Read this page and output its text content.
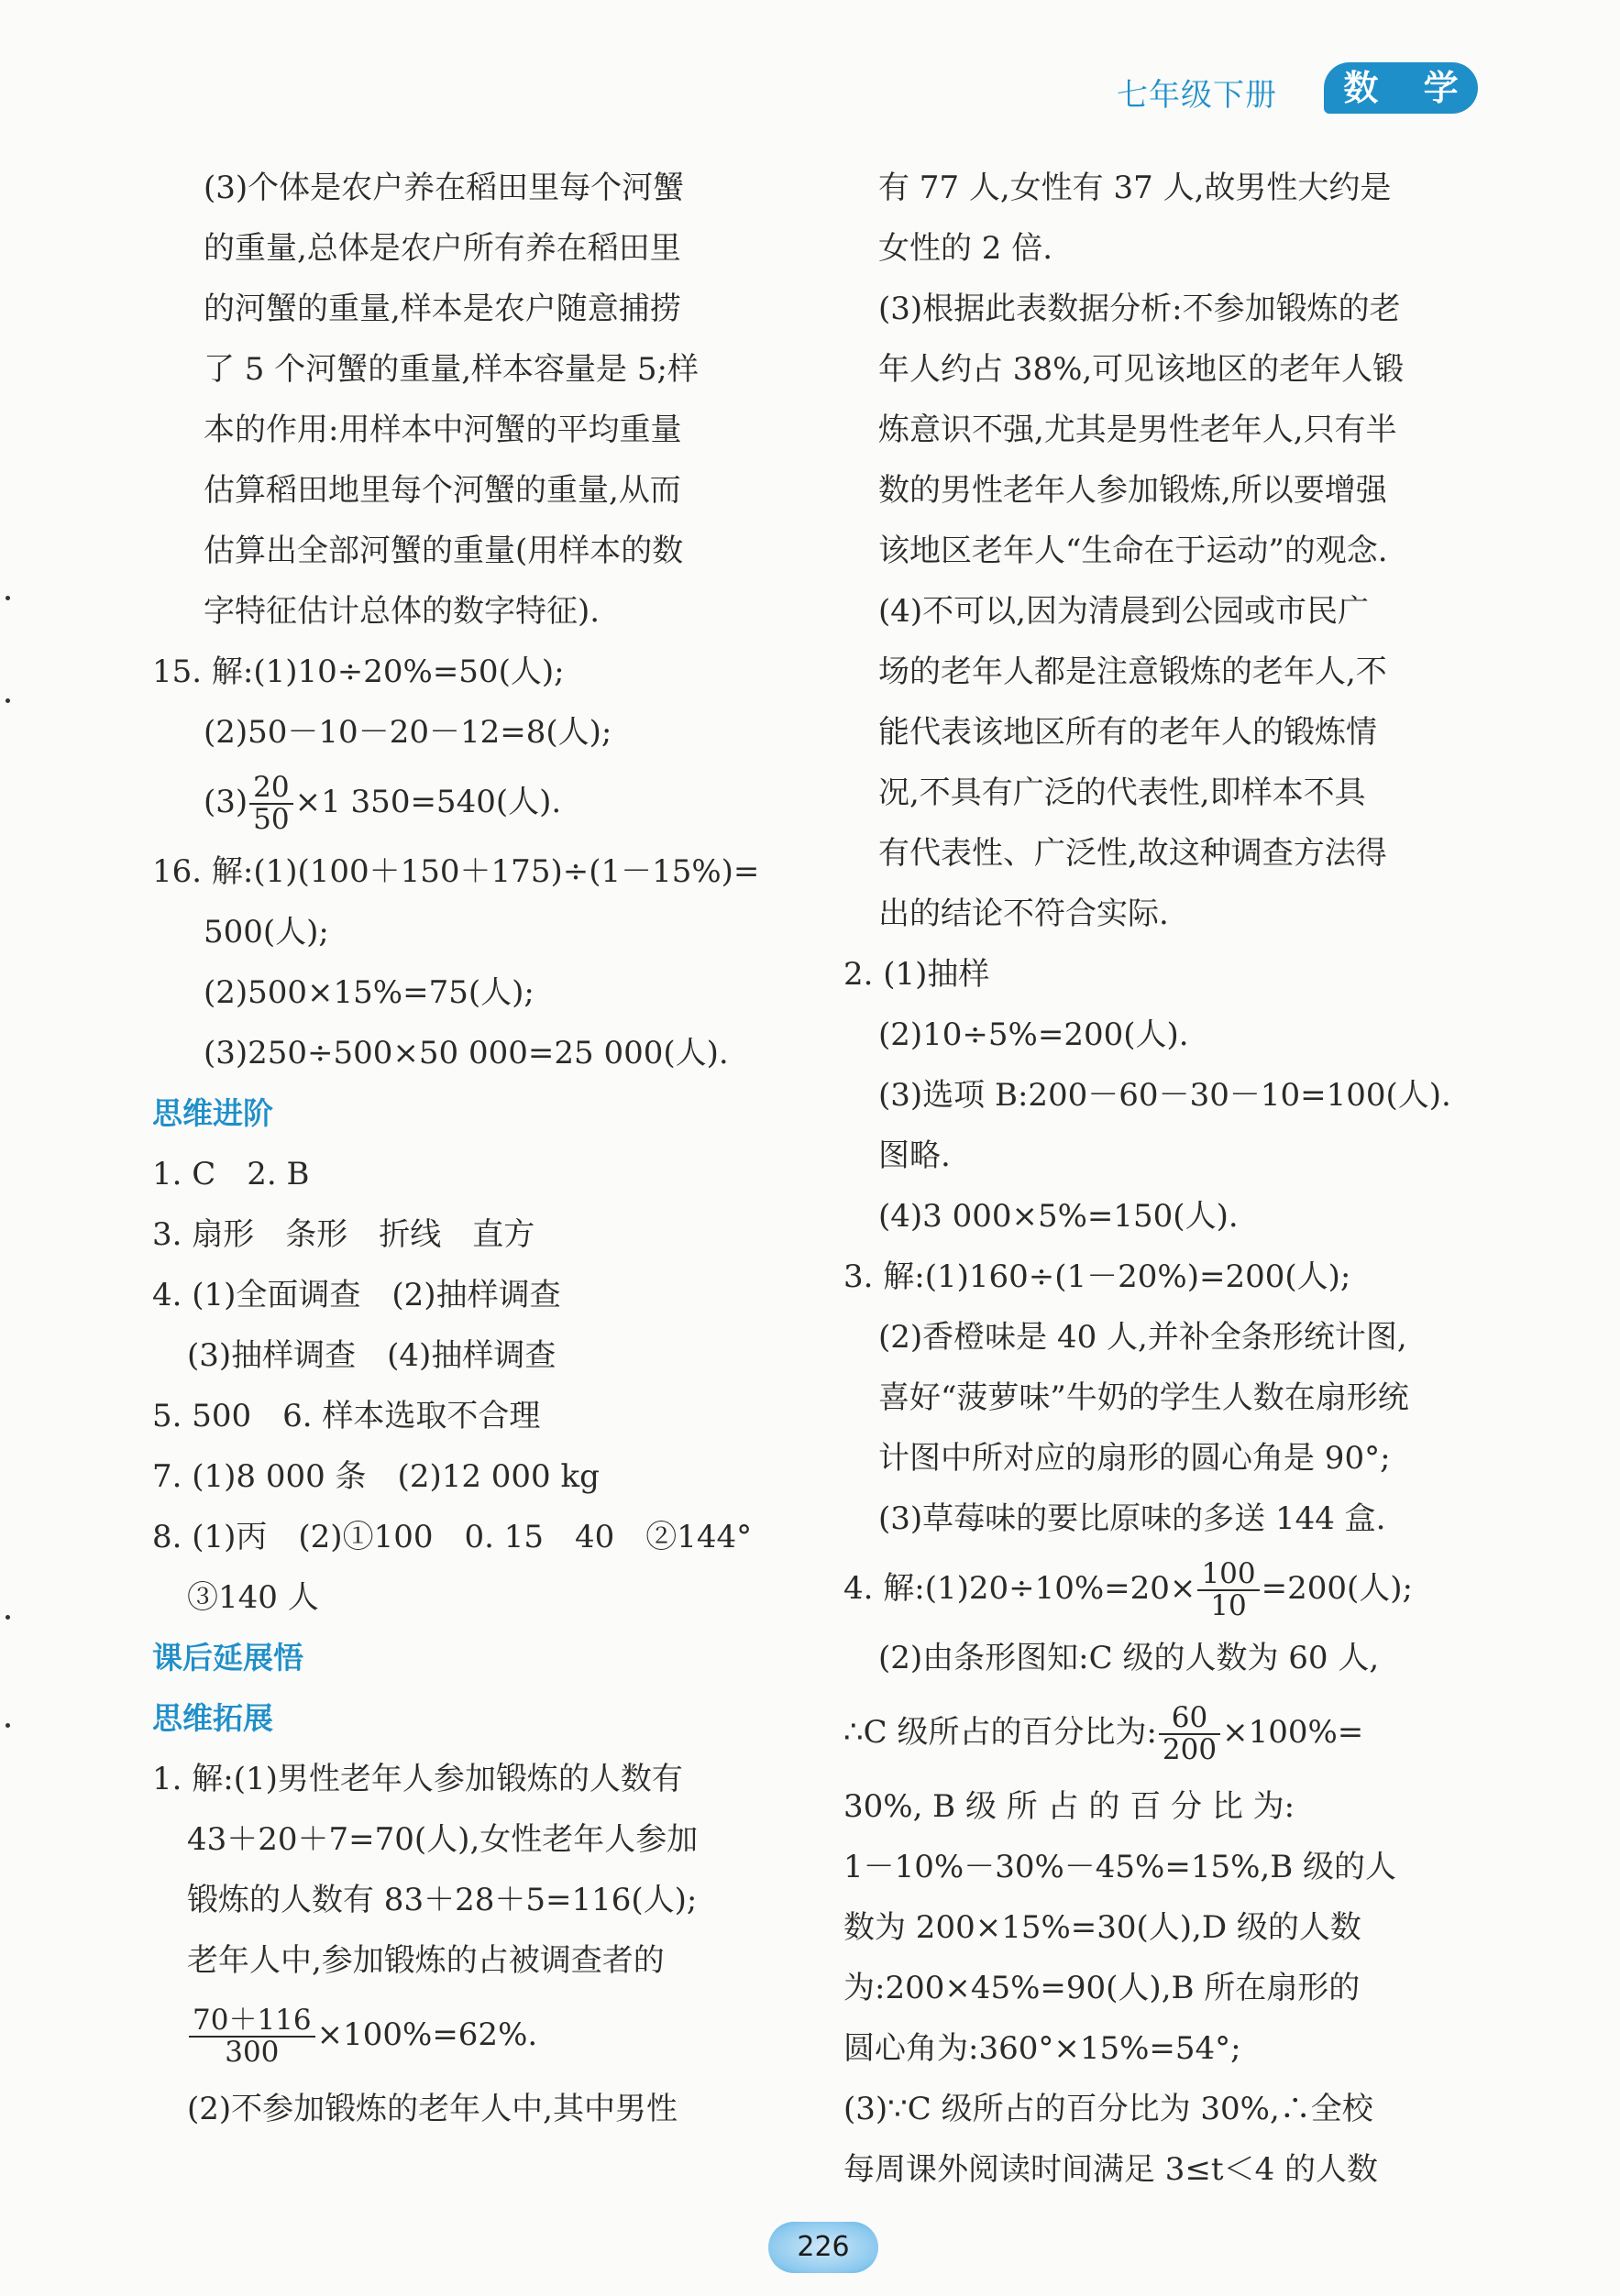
七年级下册	数 学
(3)个体是农户养在稻田里每个河蟹
的重量,总体是农户所有养在稻田里
的河蟹的重量,样本是农户随意捕捞
了 5 个河蟹的重量,样本容量是 5;样
本的作用:用样本中河蟹的平均重量
估算稻田地里每个河蟹的重量,从而
估算出全部河蟹的重量(用样本的数
字特征估计总体的数字特征).
15. 解:(1)10÷20%=50(人);
(2)50－10－20－12=8(人);
$(3) \frac{20}{50} \times 1$ 350=540(人).
16. 解:(1)(100＋150＋175)÷(1－15%)=
500(人);
(2)500×15%=75(人);
(3)250÷500×50 000=25 000(人).
思维进阶
1. C　2. B
3. 扇形　条形　折线　直方
4. (1)全面调查　(2)抽样调查
(3)抽样调查　(4)抽样调查
5. 500　6. 样本选取不合理
7. (1)8 000 条　(2)12 000 kg
8. (1)丙　(2)①100　0. 15　40　②144°
③140 人
课后延展悟
思维拓展
1. 解:(1)男性老年人参加锻炼的人数有
43＋20＋7=70(人),女性老年人参加
锻炼的人数有 83＋28＋5=116(人);
老年人中,参加锻炼的占被调查者的
$\frac{70+116}{300} \times 100\%=62\%$.
(2)不参加锻炼的老年人中,其中男性
有 77 人,女性有 37 人,故男性大约是
女性的 2 倍.
(3)根据此表数据分析:不参加锻炼的老
年人约占 38%,可见该地区的老年人锻
炼意识不强,尤其是男性老年人,只有半
数的男性老年人参加锻炼,所以要增强
该地区老年人“生命在于运动”的观念.
(4)不可以,因为清晨到公园或市民广
场的老年人都是注意锻炼的老年人,不
能代表该地区所有的老年人的锻炼情
况,不具有广泛的代表性,即样本不具
有代表性、广泛性,故这种调查方法得
出的结论不符合实际.
2. (1)抽样
(2)10÷5%=200(人).
(3)选项 B:200－60－30－10=100(人).
图略.
(4)3 000×5%=150(人).
3. 解:(1)160÷(1－20%)=200(人);
(2)香橙味是 40 人,并补全条形统计图,
喜好“菠萝味”牛奶的学生人数在扇形统
计图中所对应的扇形的圆心角是 90°;
(3)草莓味的要比原味的多送 144 盒.
4. 解:(1)20÷10%=20× $\frac{100}{10} =200$(人);
(2)由条形图知:C 级的人数为 60 人,
∴C 级所占的百分比为: $\frac{60}{200} \times 100\%=$
30%, B 级 所 占 的 百 分 比 为:
1－10%－30%－45%=15%,B 级的人
数为 200×15%=30(人),D 级的人数
为:200×45%=90(人),B 所在扇形的
圆心角为:360°×15%=54°;
(3)∵C 级所占的百分比为 30%,∴全校
每周课外阅读时间满足 3≤t＜4 的人数
226
